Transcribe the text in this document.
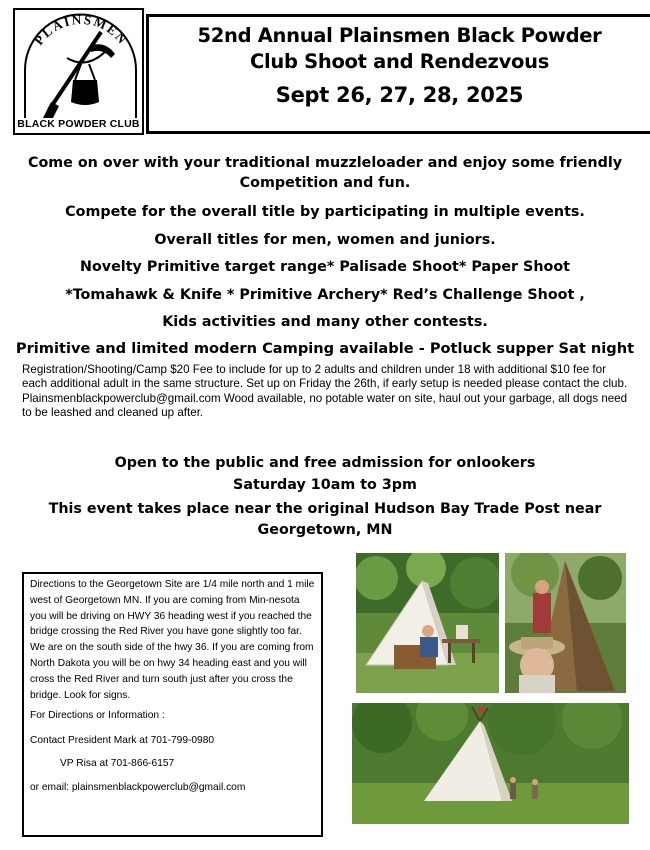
PLAINSMEN
BLACK POWDER CLUB
52nd Annual Plainsmen Black Powder
Club Shoot and Rendezvous
Sept 26, 27, 28, 2025
Come on over with your traditional muzzleloader and enjoy some friendly
Competition and fun.
Compete for the overall title by participating in multiple events.
Overall titles for men, women and juniors.
Novelty Primitive target range* Palisade Shoot* Paper Shoot
*Tomahawk & Knife * Primitive Archery* Red’s Challenge Shoot ,
Kids activities and many other contests.
Primitive and limited modern Camping available - Potluck supper Sat night
Registration/Shooting/Camp $20 Fee to include for up to 2 adults and children under 18 with additional $10 fee for each additional adult in the same structure. Set up on Friday the 26th, if early setup is needed please contact the club. Plainsmenblackpowerclub@gmail.com Wood available, no potable water on site, haul out your garbage, all dogs need to be leashed and cleaned up after.
Open to the public and free admission for onlookers
Saturday 10am to 3pm
This event takes place near the original Hudson Bay Trade Post near
Georgetown, MN
Directions to the Georgetown Site are 1/4 mile north and 1 mile west of Georgetown MN. If you are coming from Min-nesota you will be driving on HWY 36 heading west if you reached the bridge crossing the Red River you have gone slightly too far. We are on the south side of the hwy 36. If you are coming from North Dakota you will be on hwy 34 heading east and you will cross the Red River and turn south just after you cross the bridge. Look for signs.
For Directions or Information :
Contact President Mark at 701-799-0980
VP Risa at 701-866-6157
or email: plainsmenblackpowerclub@gmail.com
